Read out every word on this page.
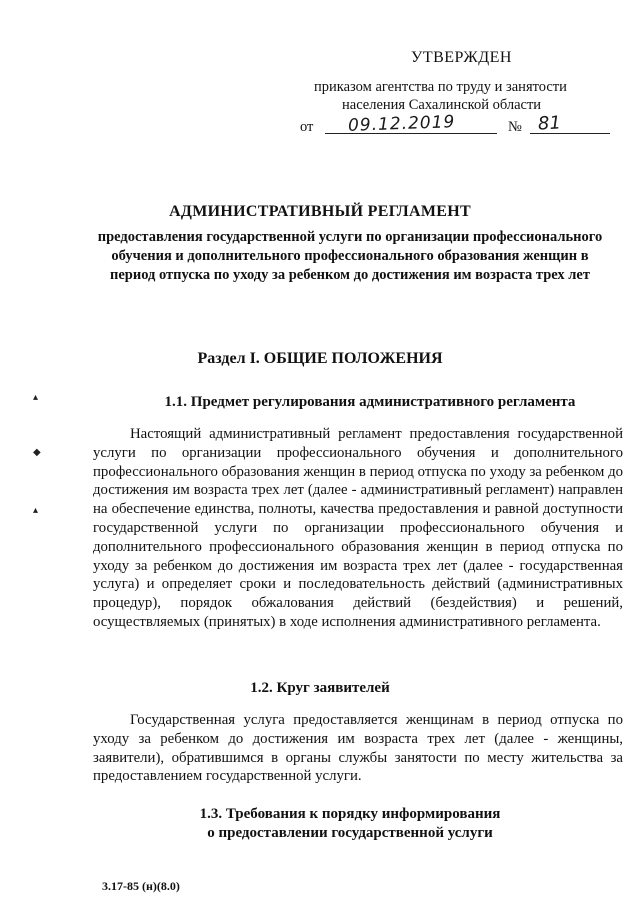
УТВЕРЖДЕН
приказом агентства по труду и занятости
населения Сахалинской области
от 09.12.2019	№ 81
АДМИНИСТРАТИВНЫЙ РЕГЛАМЕНТ
предоставления государственной услуги по организации профессионального обучения и дополнительного профессионального образования женщин в период отпуска по уходу за ребенком до достижения им возраста трех лет
Раздел I. ОБЩИЕ ПОЛОЖЕНИЯ
1.1. Предмет регулирования административного регламента
Настоящий административный регламент предоставления государственной услуги по организации профессионального обучения и дополнительного профессионального образования женщин в период отпуска по уходу за ребенком до достижения им возраста трех лет (далее - административный регламент) направлен на обеспечение единства, полноты, качества предоставления и равной доступности государственной услуги по организации профессионального обучения и дополнительного профессионального образования женщин в период отпуска по уходу за ребенком до достижения им возраста трех лет (далее - государственная услуга) и определяет сроки и последовательность действий (административных процедур), порядок обжалования действий (бездействия) и решений, осуществляемых (принятых) в ходе исполнения административного регламента.
▴
◆
▴
1.2. Круг заявителей
Государственная услуга предоставляется женщинам в период отпуска по уходу за ребенком до достижения им возраста трех лет (далее - женщины, заявители), обратившимся в органы службы занятости по месту жительства за предоставлением государственной услуги.
1.3. Требования к порядку информирования
о предоставлении государственной услуги
3.17-85 (н)(8.0)
